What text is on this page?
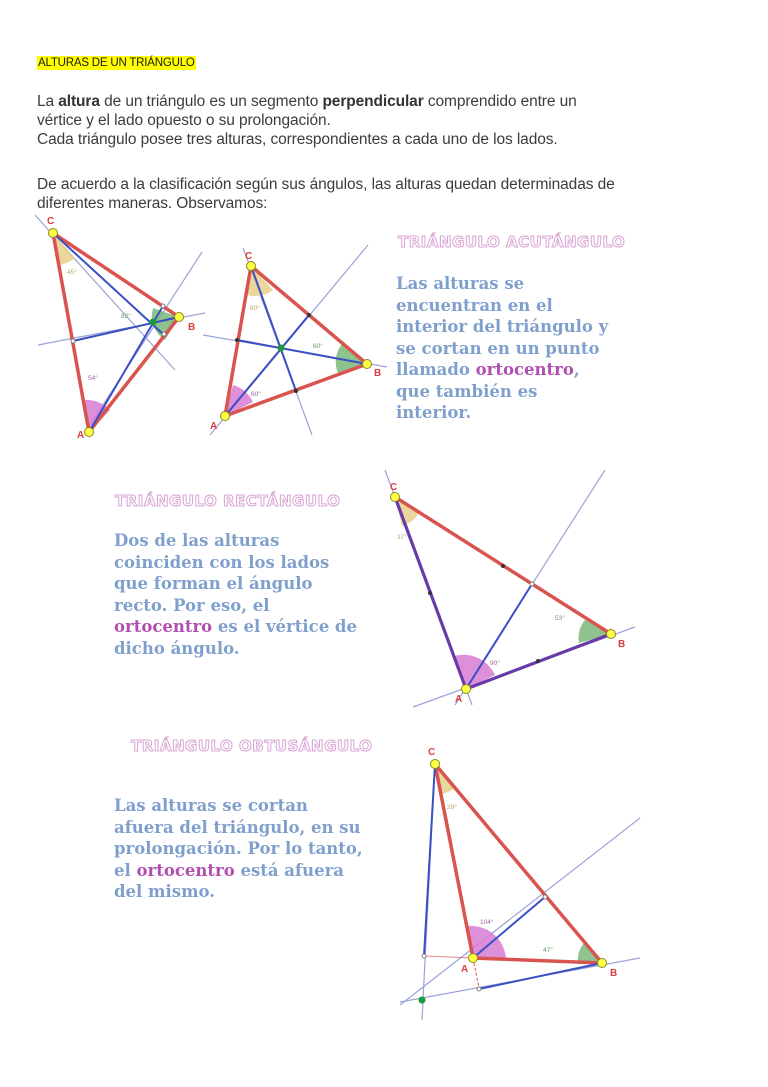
ALTURAS DE UN TRIÁNGULO
La altura de un triángulo es un segmento perpendicular comprendido entre un
vértice y el lado opuesto o su prolongación.
Cada triángulo posee tres alturas, correspondientes a cada uno de los lados.
De acuerdo a la clasificación según sus ángulos, las alturas quedan determinadas de
diferentes maneras. Observamos:
C
B
A
45°
82°
54°
C
B
A
60°
60°
60°
TRIÁNGULO ACUTÁNGULO
Las alturas se
encuentran en el
interior del triángulo y
se cortan en un punto
llamado ortocentro,
que también es
interior.
TRIÁNGULO RECTÁNGULO
Dos de las alturas
coinciden con los lados
que forman el ángulo
recto. Por eso, el
ortocentro es el vértice de
dicho ángulo.
C
B
A
37°
53°
90°
TRIÁNGULO OBTUSÁNGULO
Las alturas se cortan
afuera del triángulo, en su
prolongación. Por lo tanto,
el ortocentro está afuera
del mismo.
C
B
A
29°
47°
104°
